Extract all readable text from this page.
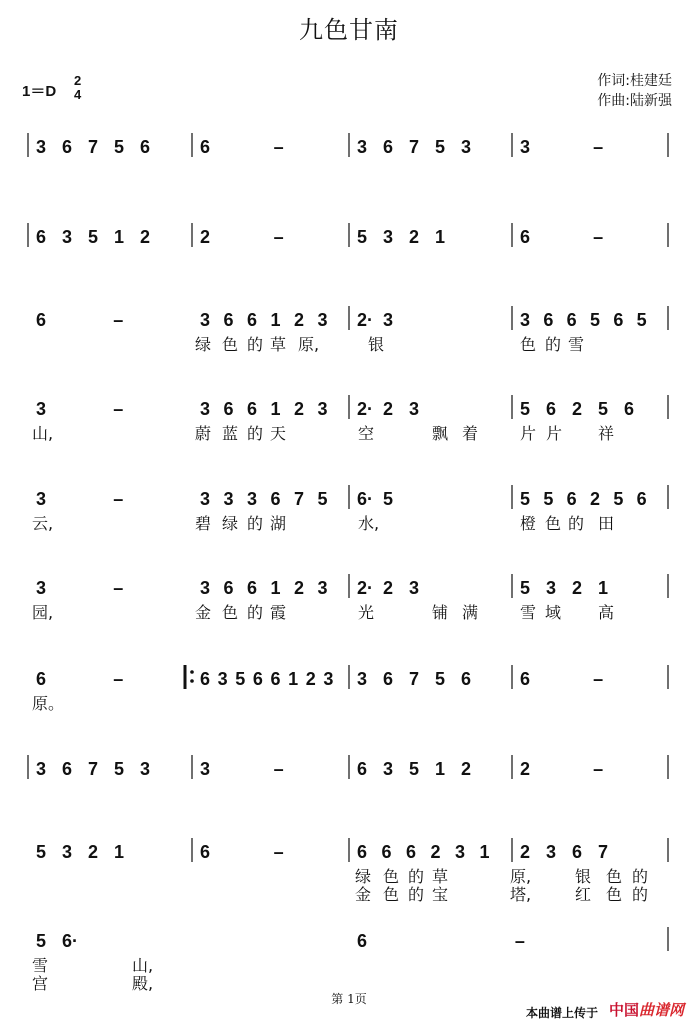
九色甘南
1＝D
2
4
作词:桂建廷
作曲:陆新强
3 6 7 5 6	6	–	3 6 7 5 3	3	–
6 3 5 1 2	2	–	5 3 2 1	6	–
6	–	3 6 6 1 2 3 2· 3	3 6 6 5 6 5
绿 色 的 草 原,	银	色 的 雪
3	–	3 6 6 1 2 3 2· 2 3	5 6 2 5 6
山,	蔚 蓝 的 天	空	飘 着	片 片 祥
3	–	3 3 3 6 7 5 6· 5	5 5 6 2 5 6
云,	碧 绿 的 湖	水,	橙 色 的 田
3	–	3 6 6 1 2 3 2· 2 3	5 3 2 1
园,	金 色 的 霞	光	铺 满	雪 域 高
6	–	6 3 5 6 6 1 2 3 3 6 7 5 6	6	–
原。
3 6 7 5 3	3	–	6 3 5 1 2	2	–
5 3 2 1	6	–	6 6 6 2 3 1 2 3 6 7
绿 色 的 草	原,	银 色 的
金 色 的 宝	塔,	红 色 的
5 6·	6	–
雪	山,
宫	殿,
第 1页
本曲谱上传于 中国曲谱网
